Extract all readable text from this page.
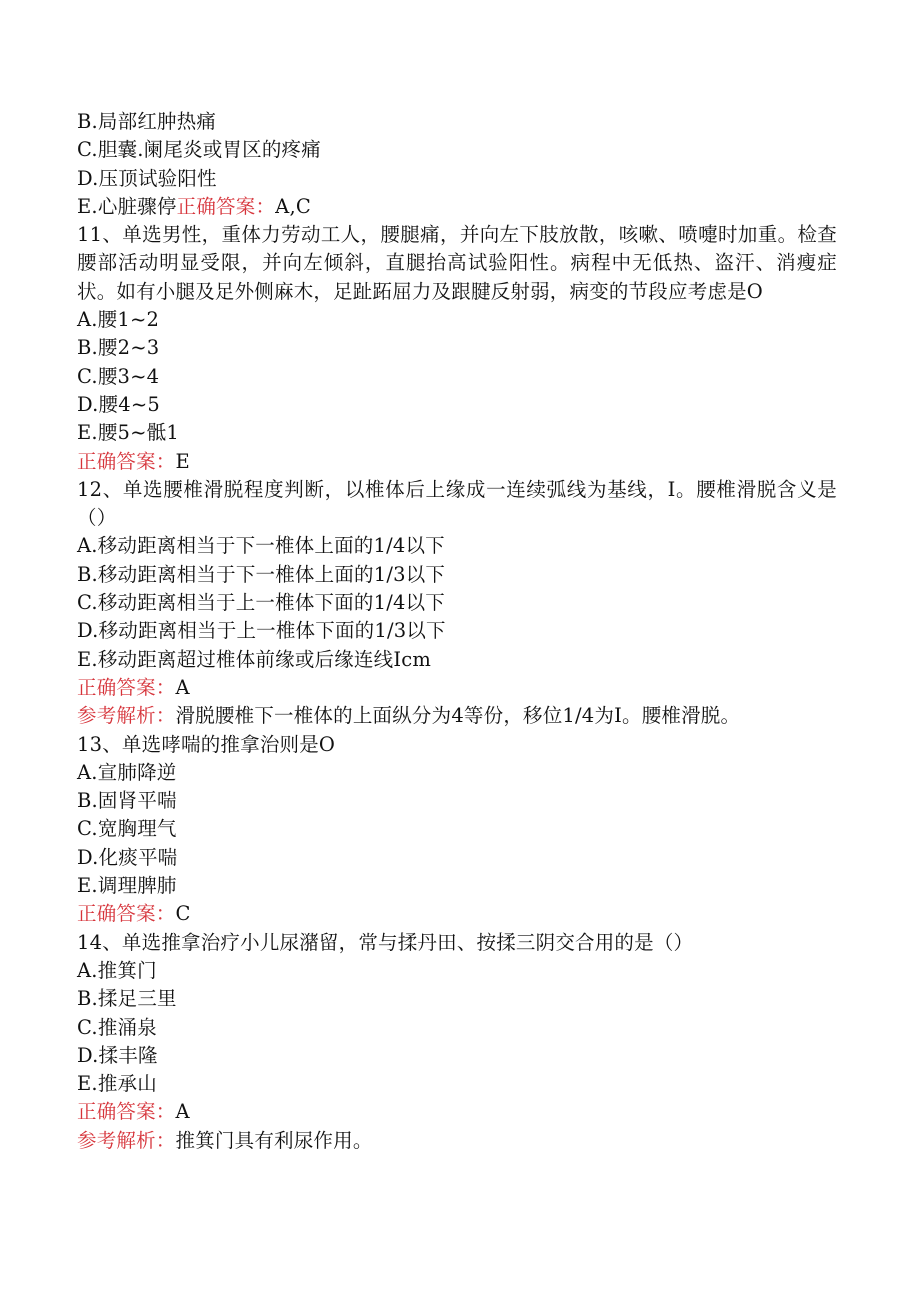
B.局部红肿热痛
C.胆囊.阑尾炎或胃区的疼痛
D.压顶试验阳性
E.心脏骤停正确答案：A,C
11、单选男性，重体力劳动工人，腰腿痛，并向左下肢放散，咳嗽、喷嚏时加重。检查腰部活动明显受限，并向左倾斜，直腿抬高试验阳性。病程中无低热、盗汗、消瘦症状。如有小腿及足外侧麻木，足趾跖屈力及跟腱反射弱，病变的节段应考虑是O
A.腰1~2
B.腰2~3
C.腰3~4
D.腰4~5
E.腰5~骶1
正确答案：E
12、单选腰椎滑脱程度判断，以椎体后上缘成一连续弧线为基线，I。腰椎滑脱含义是（）
A.移动距离相当于下一椎体上面的1/4以下
B.移动距离相当于下一椎体上面的1/3以下
C.移动距离相当于上一椎体下面的1/4以下
D.移动距离相当于上一椎体下面的1/3以下
E.移动距离超过椎体前缘或后缘连线Icm
正确答案：A
参考解析：滑脱腰椎下一椎体的上面纵分为4等份，移位1/4为I。腰椎滑脱。
13、单选哮喘的推拿治则是O
A.宣肺降逆
B.固肾平喘
C.宽胸理气
D.化痰平喘
E.调理脾肺
正确答案：C
14、单选推拿治疗小儿尿潴留，常与揉丹田、按揉三阴交合用的是（）
A.推箕门
B.揉足三里
C.推涌泉
D.揉丰隆
E.推承山
正确答案：A
参考解析：推箕门具有利尿作用。
